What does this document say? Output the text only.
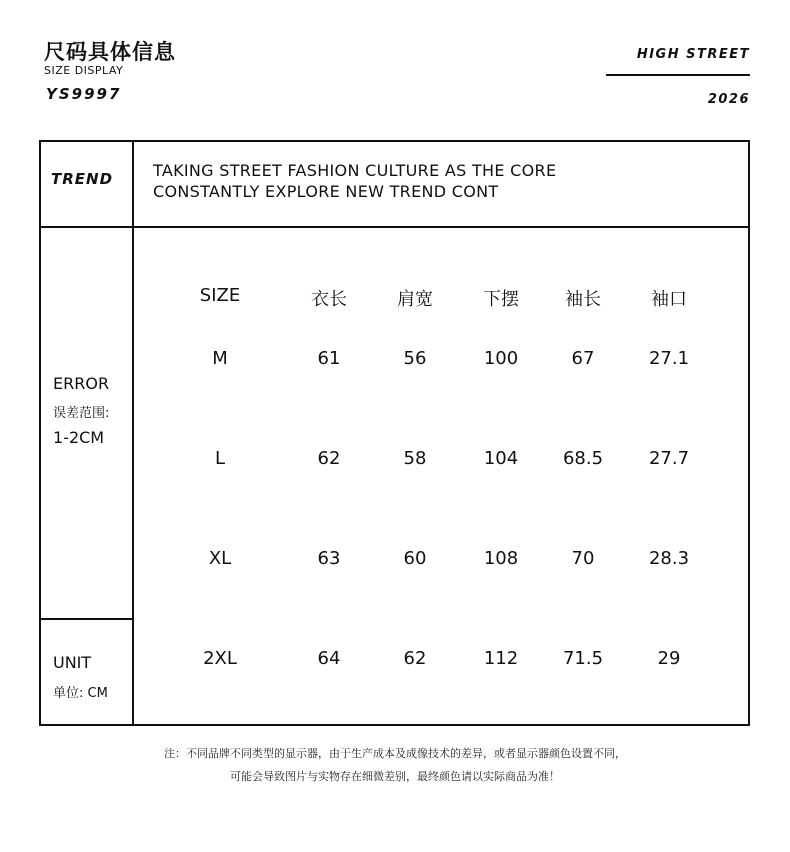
尺码具体信息
SIZE DISPLAY
YS9997
HIGH STREET
2026
TREND TAKING STREET FASHION CULTURE AS THE CORE
CONSTANTLY EXPLORE NEW TREND CONT
ERROR
误差范围:
1-2CM
UNIT
单位: CM
SIZE	衣长	肩宽	下摆	袖长	袖口
M	61	56	100	67	27.1
L	62	58	104	68.5	27.7
XL	63	60	108	70	28.3
2XL	64	62	112	71.5	29
注：不同品牌不同类型的显示器，由于生产成本及成像技术的差异，或者显示器颜色设置不同，
可能会导致图片与实物存在细微差别，最终颜色请以实际商品为准！
